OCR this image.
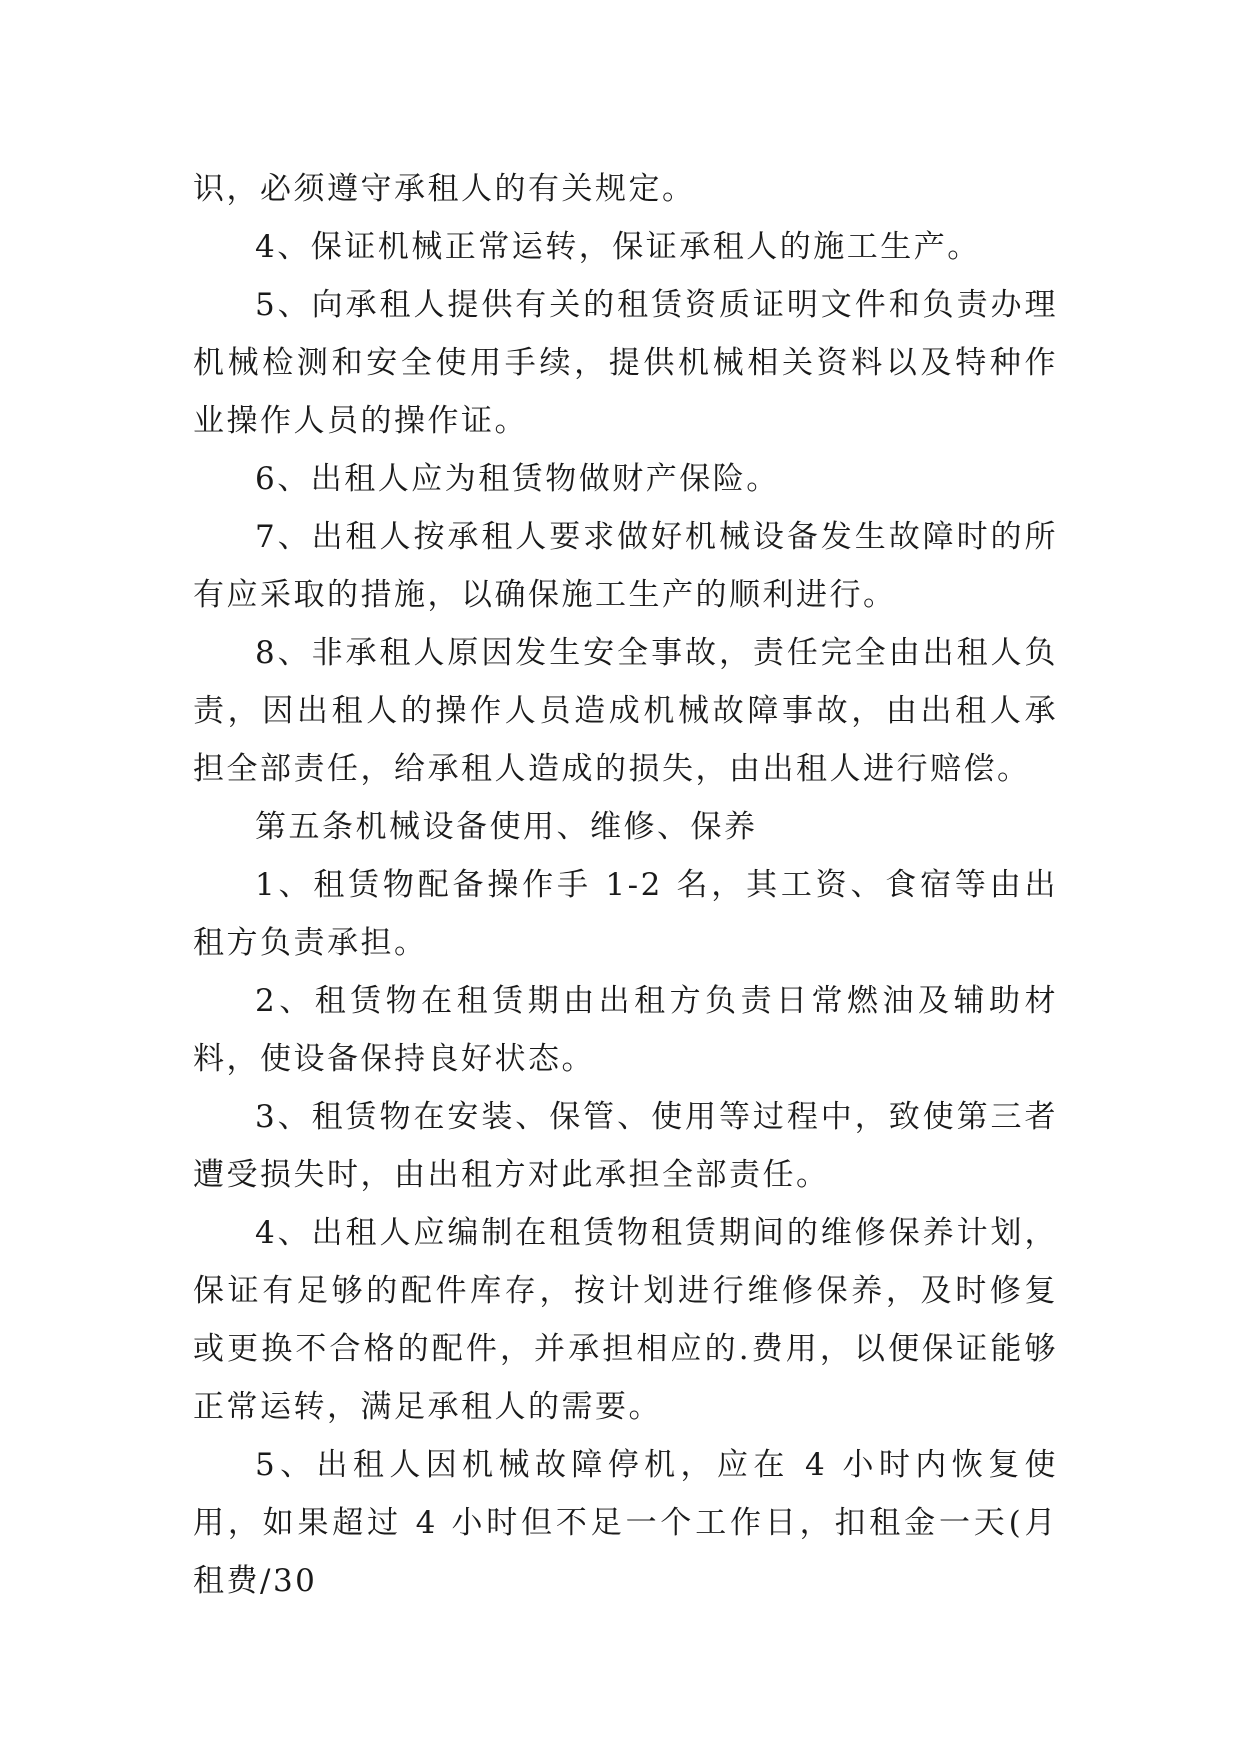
识，必须遵守承租人的有关规定。

4、保证机械正常运转，保证承租人的施工生产。

5、向承租人提供有关的租赁资质证明文件和负责办理机械检测和安全使用手续，提供机械相关资料以及特种作业操作人员的操作证。

6、出租人应为租赁物做财产保险。

7、出租人按承租人要求做好机械设备发生故障时的所有应采取的措施，以确保施工生产的顺利进行。

8、非承租人原因发生安全事故，责任完全由出租人负责，因出租人的操作人员造成机械故障事故，由出租人承担全部责任，给承租人造成的损失，由出租人进行赔偿。

第五条机械设备使用、维修、保养

1、租赁物配备操作手 1-2 名，其工资、食宿等由出租方负责承担。

2、租赁物在租赁期由出租方负责日常燃油及辅助材料，使设备保持良好状态。

3、租赁物在安装、保管、使用等过程中，致使第三者遭受损失时，由出租方对此承担全部责任。

4、出租人应编制在租赁物租赁期间的维修保养计划，保证有足够的配件库存，按计划进行维修保养，及时修复或更换不合格的配件，并承担相应的.费用，以便保证能够正常运转，满足承租人的需要。

5、出租人因机械故障停机，应在 4 小时内恢复使用，如果超过 4 小时但不足一个工作日，扣租金一天(月租费/30
